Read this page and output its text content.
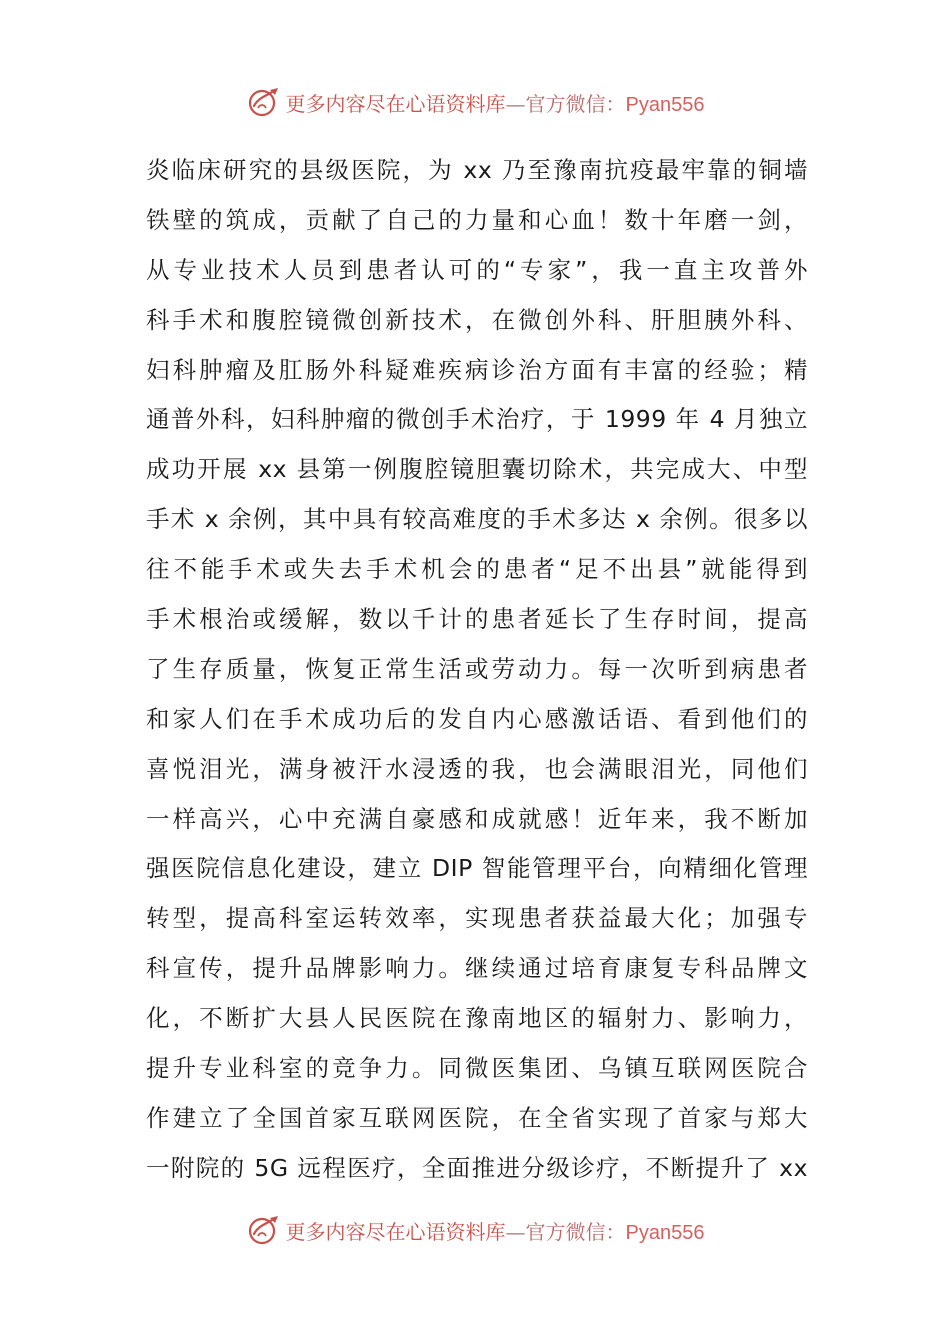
更多内容尽在心语资料库—官方微信：Pyan556
炎临床研究的县级医院，为 xx 乃至豫南抗疫最牢靠的铜墙
铁壁的筑成，贡献了自己的力量和心血！数十年磨一剑，
从专业技术人员到患者认可的“专家”，我一直主攻普外
科手术和腹腔镜微创新技术，在微创外科、肝胆胰外科、
妇科肿瘤及肛肠外科疑难疾病诊治方面有丰富的经验；精
通普外科，妇科肿瘤的微创手术治疗，于 1999 年 4 月独立
成功开展 xx 县第一例腹腔镜胆囊切除术，共完成大、中型
手术 x 余例，其中具有较高难度的手术多达 x 余例。很多以
往不能手术或失去手术机会的患者“足不出县”就能得到
手术根治或缓解，数以千计的患者延长了生存时间，提高
了生存质量，恢复正常生活或劳动力。每一次听到病患者
和家人们在手术成功后的发自内心感激话语、看到他们的
喜悦泪光，满身被汗水浸透的我，也会满眼泪光，同他们
一样高兴，心中充满自豪感和成就感！近年来，我不断加
强医院信息化建设，建立 DIP 智能管理平台，向精细化管理
转型，提高科室运转效率，实现患者获益最大化；加强专
科宣传，提升品牌影响力。继续通过培育康复专科品牌文
化，不断扩大县人民医院在豫南地区的辐射力、影响力，
提升专业科室的竞争力。同微医集团、乌镇互联网医院合
作建立了全国首家互联网医院，在全省实现了首家与郑大
一附院的 5G 远程医疗，全面推进分级诊疗，不断提升了 xx
更多内容尽在心语资料库—官方微信：Pyan556
